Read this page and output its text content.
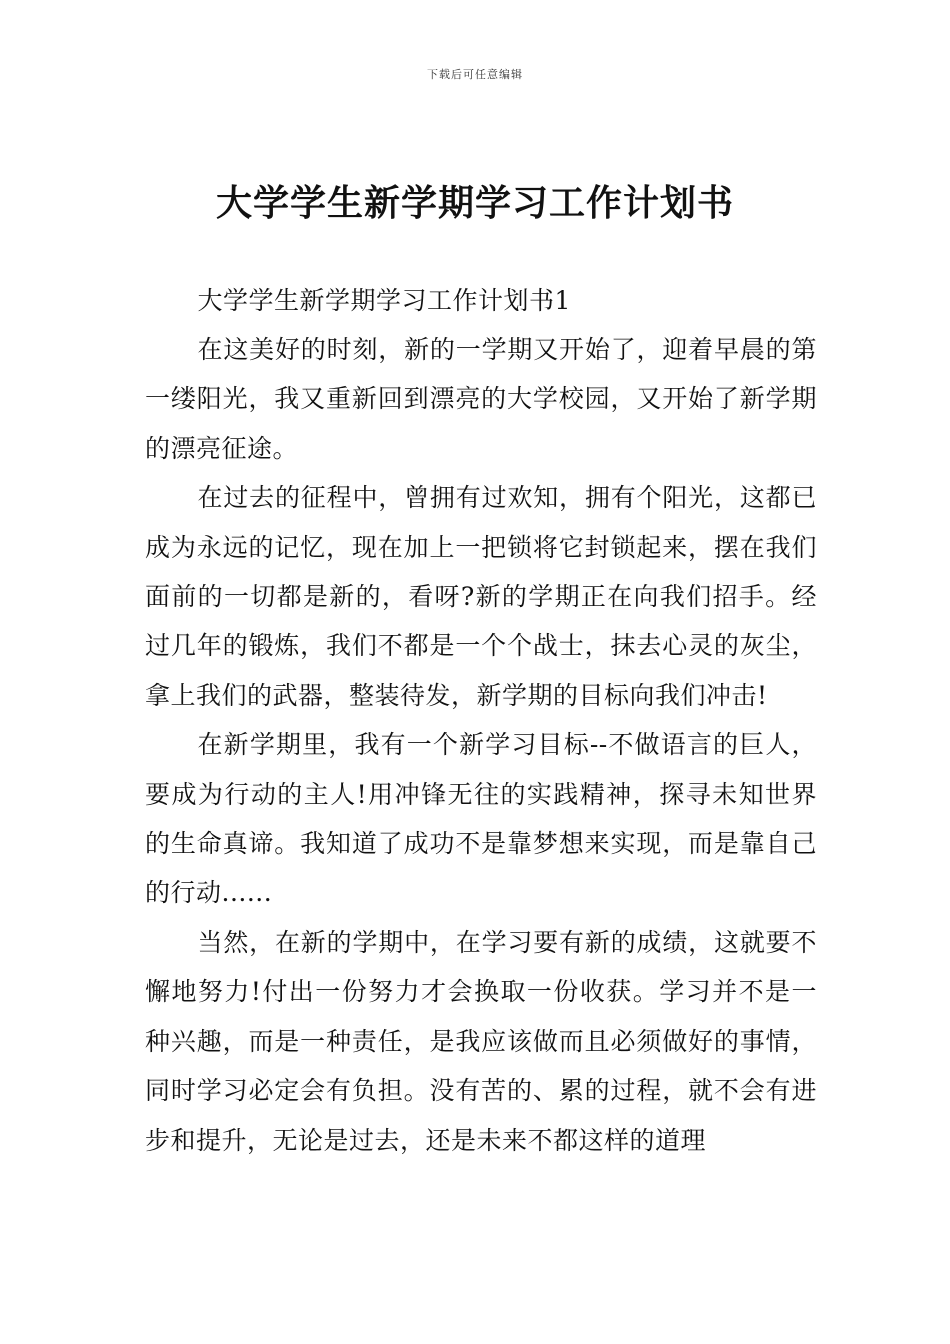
下载后可任意编辑
大学学生新学期学习工作计划书

大学学生新学期学习工作计划书1

在这美好的时刻，新的一学期又开始了，迎着早晨的第一缕阳光，我又重新回到漂亮的大学校园，又开始了新学期的漂亮征途。

在过去的征程中，曾拥有过欢知，拥有个阳光，这都已成为永远的记忆，现在加上一把锁将它封锁起来，摆在我们面前的一切都是新的，看呀?新的学期正在向我们招手。经过几年的锻炼，我们不都是一个个战士，抹去心灵的灰尘，拿上我们的武器，整装待发，新学期的目标向我们冲击!

在新学期里，我有一个新学习目标--不做语言的巨人，要成为行动的主人!用冲锋无往的实践精神，探寻未知世界的生命真谛。我知道了成功不是靠梦想来实现，而是靠自己的行动......

当然，在新的学期中，在学习要有新的成绩，这就要不懈地努力!付出一份努力才会换取一份收获。学习并不是一种兴趣，而是一种责任，是我应该做而且必须做好的事情，同时学习必定会有负担。没有苦的、累的过程，就不会有进步和提升，无论是过去，还是未来不都这样的道理
